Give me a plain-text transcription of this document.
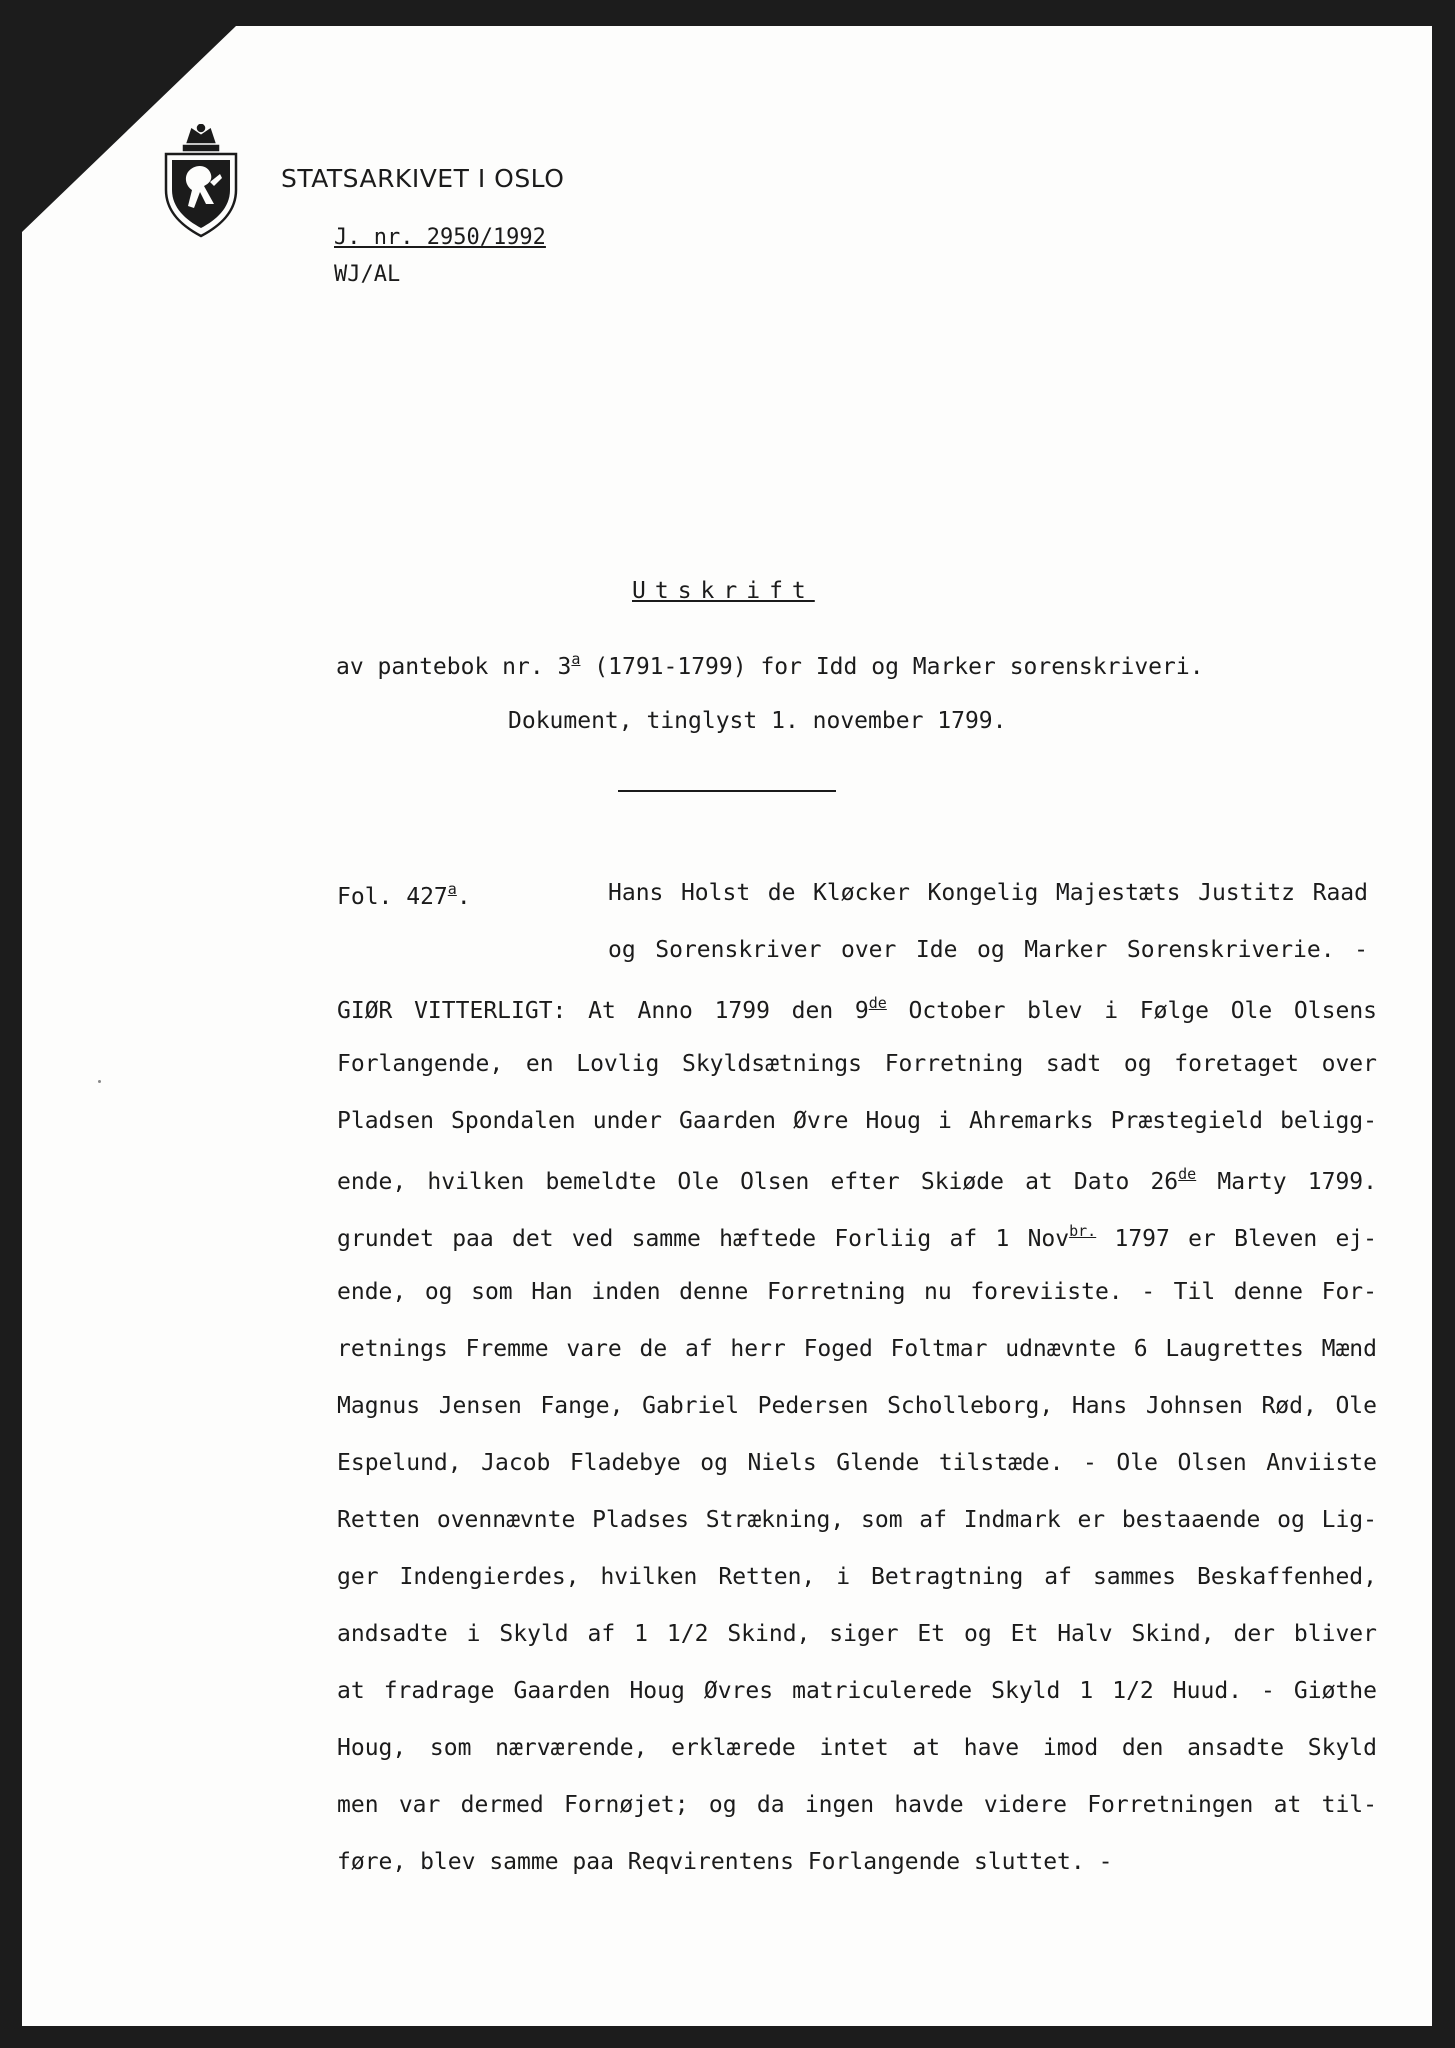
STATSARKIVET I OSLO
J. nr. 2950/1992
WJ/AL
Utskrift
av pantebok nr. 3$^a$ (1791-1799) for Idd og Marker sorenskriveri.
Dokument, tinglyst 1. november 1799.
Fol. 427$^a$.	Hans Holst de Kløcker Kongelig Majestæts Justitz Raad
og Sorenskriver over Ide og Marker Sorenskriverie. -
GIØR VITTERLIGT: At Anno 1799 den 9de October blev i Følge Ole Olsens
Forlangende, en Lovlig Skyldsætnings Forretning sadt og foretaget over
Pladsen Spondalen under Gaarden Øvre Houg i Ahremarks Præstegield beligg-
ende, hvilken bemeldte Ole Olsen efter Skiøde at Dato 26de Marty 1799.
grundet paa det ved samme hæftede Forliig af 1 Nov$^{br.}$ 1797 er Bleven ej-
ende, og som Han inden denne Forretning nu foreviiste. - Til denne For-
retnings Fremme vare de af herr Foged Foltmar udnævnte 6 Laugrettes Mænd
Magnus Jensen Fange, Gabriel Pedersen Scholleborg, Hans Johnsen Rød, Ole
Espelund, Jacob Fladebye og Niels Glende tilstæde. - Ole Olsen Anviiste
Retten ovennævnte Pladses Strækning, som af Indmark er bestaaende og Lig-
ger Indengierdes, hvilken Retten, i Betragtning af sammes Beskaffenhed,
andsadte i Skyld af 1 1/2 Skind, siger Et og Et Halv Skind, der bliver
at fradrage Gaarden Houg Øvres matriculerede Skyld 1 1/2 Huud. - Giøthe
Houg, som nærværende, erklærede intet at have imod den ansadte Skyld
men var dermed Fornøjet; og da ingen havde videre Forretningen at til-
føre, blev samme paa Reqvirentens Forlangende sluttet. -
